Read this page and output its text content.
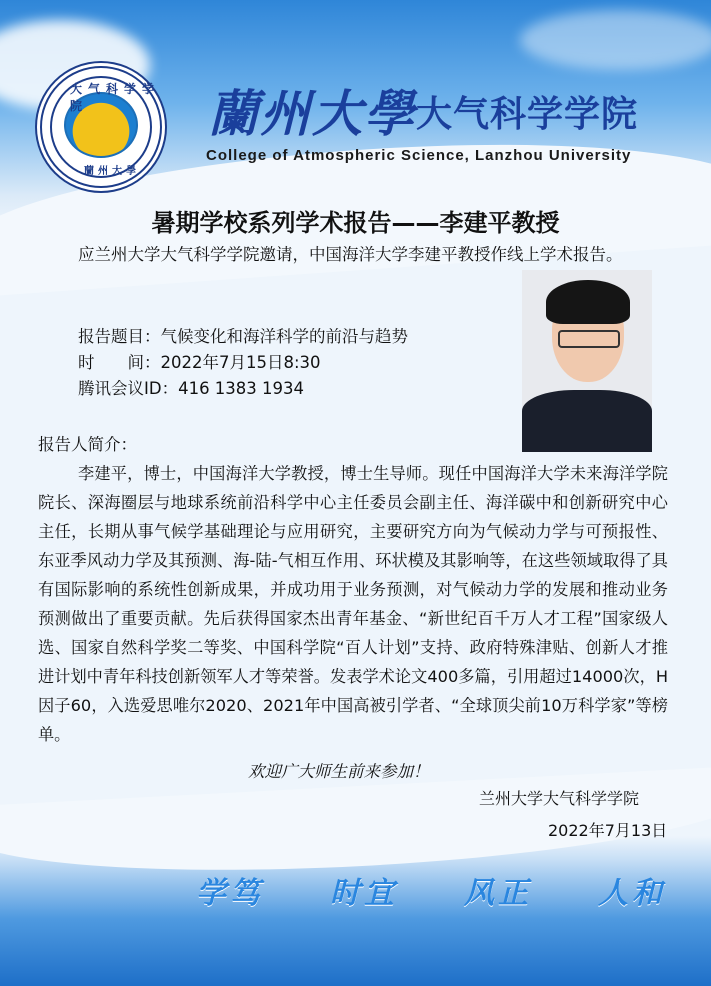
大气科学学院
蘭州大學
蘭州大學 大气科学学院
College of Atmospheric Science, Lanzhou University
暑期学校系列学术报告——李建平教授
应兰州大学大气科学学院邀请，中国海洋大学李建平教授作线上学术报告。
报告题目：气候变化和海洋科学的前沿与趋势
时　　间：2022年7月15日8:30
腾讯会议ID：416 1383 1934
报告人简介：
李建平，博士，中国海洋大学教授，博士生导师。现任中国海洋大学未来海洋学院院长、深海圈层与地球系统前沿科学中心主任委员会副主任、海洋碳中和创新研究中心主任，长期从事气候学基础理论与应用研究，主要研究方向为气候动力学与可预报性、东亚季风动力学及其预测、海-陆-气相互作用、环状模及其影响等，在这些领域取得了具有国际影响的系统性创新成果，并成功用于业务预测，对气候动力学的发展和推动业务预测做出了重要贡献。先后获得国家杰出青年基金、“新世纪百千万人才工程”国家级人选、国家自然科学奖二等奖、中国科学院“百人计划”支持、政府特殊津贴、创新人才推进计划中青年科技创新领军人才等荣誉。发表学术论文400多篇，引用超过14000次，H因子60，入选爱思唯尔2020、2021年中国高被引学者、“全球顶尖前10万科学家”等榜单。
欢迎广大师生前来参加！
兰州大学大气科学学院
2022年7月13日
学笃 时宜 风正 人和
